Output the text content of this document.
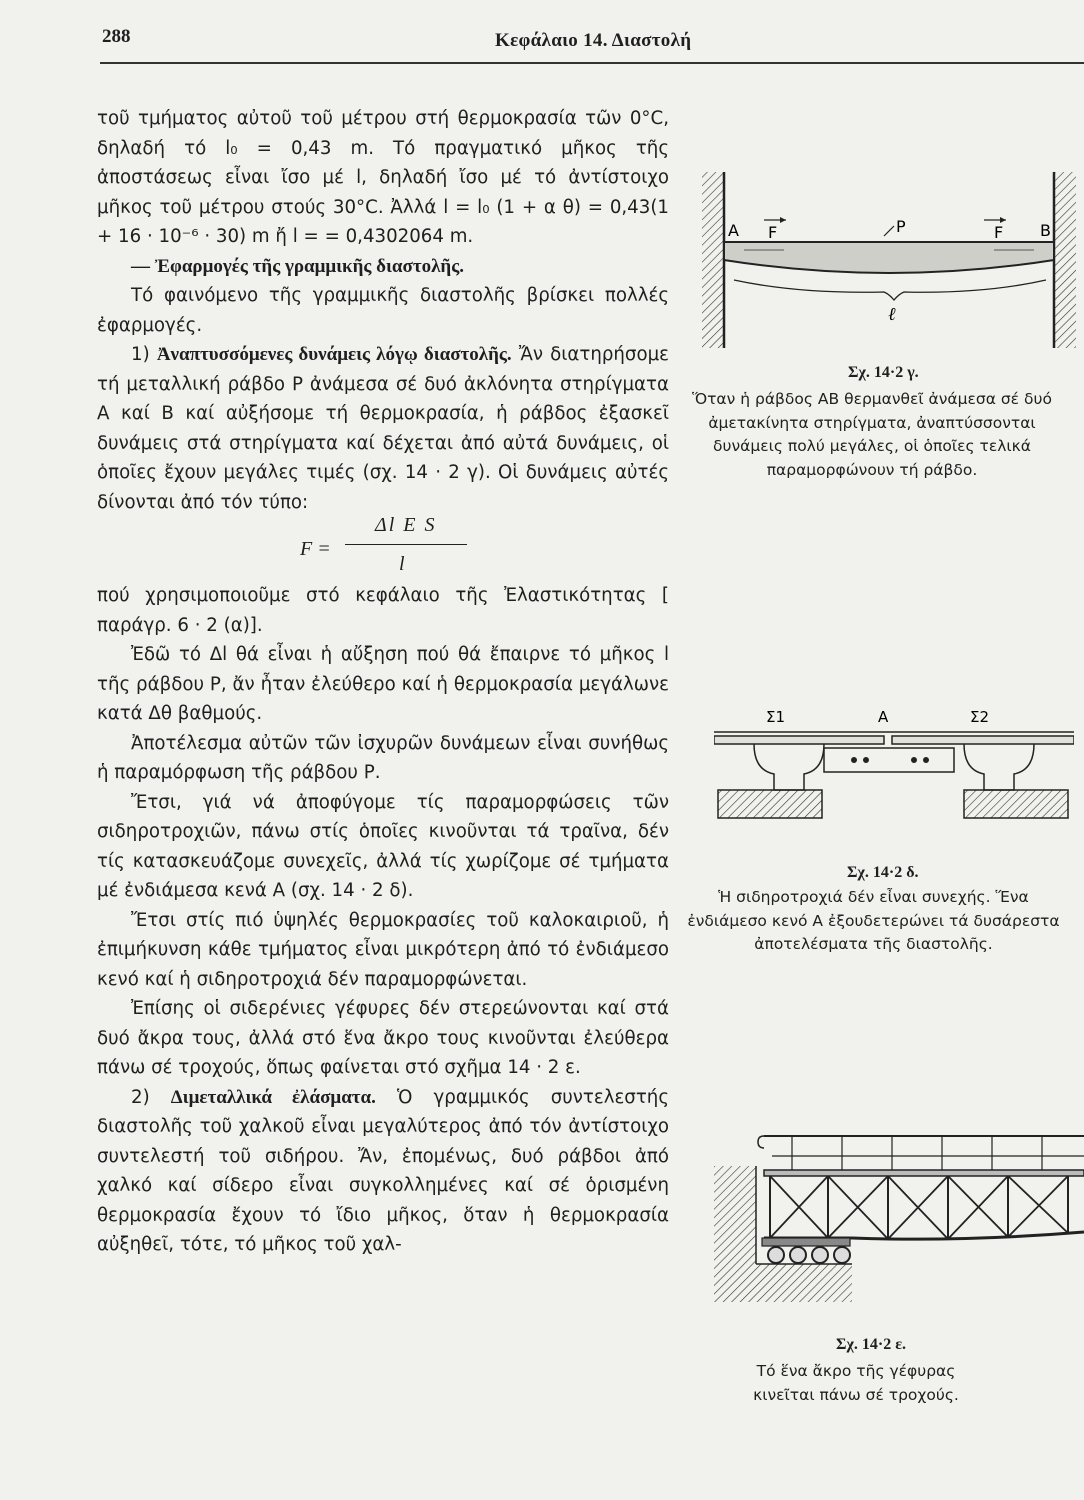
288	Κεφάλαιο 14. Διαστολή

τοῦ τμήματος αὐτοῦ τοῦ μέτρου στή θερμοκρασία τῶν 0°C, δηλαδή τό l₀ = 0,43 m. Τό πραγματικό μῆκος τῆς ἀποστάσεως εἶναι ἴσο μέ l, δηλαδή ἴσο μέ τό ἀντίστοιχο μῆκος τοῦ μέτρου στούς 30°C. Ἀλλά l = l₀ (1 + α θ) = 0,43(1 + 16 · 10⁻⁶ · 30) m ἤ l = = 0,4302064 m.

— Ἐφαρμογές τῆς γραμμικῆς διαστολῆς.

Τό φαινόμενο τῆς γραμμικῆς διαστολῆς βρίσκει πολλές ἐφαρμογές.

1) Ἀναπτυσσόμενες δυνάμεις λόγῳ διαστολῆς. Ἄν διατηρήσομε τή μεταλλική ράβδο Ρ ἀνάμεσα σέ δυό ἀκλόνητα στηρίγματα Α καί Β καί αὐξήσομε τή θερμοκρασία, ἡ ράβδος ἐξασκεῖ δυνάμεις στά στηρίγματα καί δέχεται ἀπό αὐτά δυνάμεις, οἱ ὁποῖες ἔχουν μεγάλες τιμές (σχ. 14 · 2 γ). Οἱ δυνάμεις αὐτές δίνονται ἀπό τόν τύπο:

F =
Δl E S
l

πού χρησιμοποιοῦμε στό κεφάλαιο τῆς Ἐλαστικότητας [ παράγρ. 6 · 2 (α)].

Ἐδῶ τό Δl θά εἶναι ἡ αὔξηση πού θά ἔπαιρνε τό μῆκος l τῆς ράβδου Ρ, ἄν ἦταν ἐλεύθερο καί ἡ θερμοκρασία μεγάλωνε κατά Δθ βαθμούς.

Ἀποτέλεσμα αὐτῶν τῶν ἰσχυρῶν δυνάμεων εἶναι συνήθως ἡ παραμόρφωση τῆς ράβδου Ρ.

Ἔτσι, γιά νά ἀποφύγομε τίς παραμορφώσεις τῶν σιδηροτροχιῶν, πάνω στίς ὁποῖες κινοῦνται τά τραῖνα, δέν τίς κατασκευάζομε συνεχεῖς, ἀλλά τίς χωρίζομε σέ τμήματα μέ ἐνδιάμεσα κενά Α (σχ. 14 · 2 δ).

Ἔτσι στίς πιό ὑψηλές θερμοκρασίες τοῦ καλοκαιριοῦ, ἡ ἐπιμήκυνση κάθε τμήματος εἶναι μικρότερη ἀπό τό ἐνδιάμεσο κενό καί ἡ σιδηροτροχιά δέν παραμορφώνεται.

Ἐπίσης οἱ σιδερένιες γέφυρες δέν στερεώνονται καί στά δυό ἄκρα τους, ἀλλά στό ἕνα ἄκρο τους κινοῦνται ἐλεύθερα πάνω σέ τροχούς, ὅπως φαίνεται στό σχῆμα 14 · 2 ε.

2) Διμεταλλικά ἐλάσματα. Ὁ γραμμικός συντελεστής διαστολῆς τοῦ χαλκοῦ εἶναι μεγαλύτερος ἀπό τόν ἀντίστοιχο συντελεστή τοῦ σιδήρου. Ἄν, ἐπομένως, δυό ράβδοι ἀπό χαλκό καί σίδερο εἶναι συγκολλημένες καί σέ ὁρισμένη θερμοκρασία ἔχουν τό ἴδιο μῆκος, ὅταν ἡ θερμοκρασία αὐξηθεῖ, τότε, τό μῆκος τοῦ χαλ-

A F	P	F B
ℓ
Σχ. 14·2 γ.
Ὅταν ἡ ράβδος ΑΒ θερμανθεῖ ἀνάμεσα σέ δυό ἀμετακίνητα στηρίγματα, ἀναπτύσσονται δυνάμεις πολύ μεγάλες, οἱ ὁποῖες τελικά παραμορφώνουν τή ράβδο.
Σ1	A	Σ2
Σχ. 14·2 δ.
Ἡ σιδηροτροχιά δέν εἶναι συνεχής. Ἕνα ἐνδιάμεσο κενό Α ἐξουδετερώνει τά δυσάρεστα ἀποτελέσματα τῆς διαστολῆς.
Σχ. 14·2 ε.
Τό ἕνα ἄκρο τῆς γέφυρας κινεῖται πάνω σέ τροχούς.
